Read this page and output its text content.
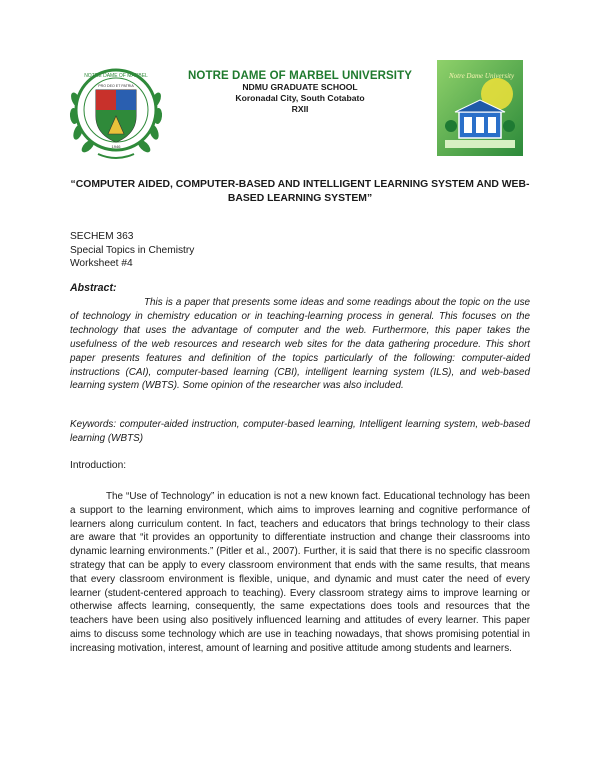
NOTRE DAME OF MARBEL
PRO DEO ET PATRIA
1946
NOTRE DAME OF MARBEL UNIVERSITY
NDMU GRADUATE SCHOOL
Koronadal City, South Cotabato
RXII
Notre Dame University
“COMPUTER AIDED, COMPUTER-BASED AND INTELLIGENT LEARNING SYSTEM AND WEB-BASED LEARNING SYSTEM”
SECHEM 363
Special Topics in Chemistry
Worksheet #4
Abstract:
This is a paper that presents some ideas and some readings about the topic on the use of technology in chemistry education or in teaching-learning process in general. This focuses on the technology that uses the advantage of computer and the web. Furthermore, this paper takes the usefulness of the web resources and research web sites for the data gathering procedure. This short paper presents features and definition of the topics particularly of the following: computer-aided instructions (CAI), computer-based learning (CBI), intelligent learning system (ILS), and web-based learning system (WBTS). Some opinion of the researcher was also included.
Keywords: computer-aided instruction, computer-based learning, Intelligent learning system, web-based learning (WBTS)
Introduction:
The “Use of Technology” in education is not a new known fact. Educational technology has been a support to the learning environment, which aims to improves learning and cognitive performance of learners along curriculum content. In fact, teachers and educators that brings technology to their class are aware that “it provides an opportunity to differentiate instruction and change their classrooms into dynamic learning environments.” (Pitler et al., 2007). Further, it is said that there is no specific classroom strategy that can be apply to every classroom environment that ends with the same results, that means that every classroom environment is flexible, unique, and dynamic and must cater the need of every learner (student-centered approach to teaching). Every classroom strategy aims to improve learning or otherwise affects learning, consequently, the same expectations does tools and resources that the teachers have been using also positively influenced learning and attitudes of every learner. This paper aims to discuss some technology which are use in teaching nowadays, that shows promising potential in increasing motivation, interest, amount of learning and positive attitude among students and learners.
